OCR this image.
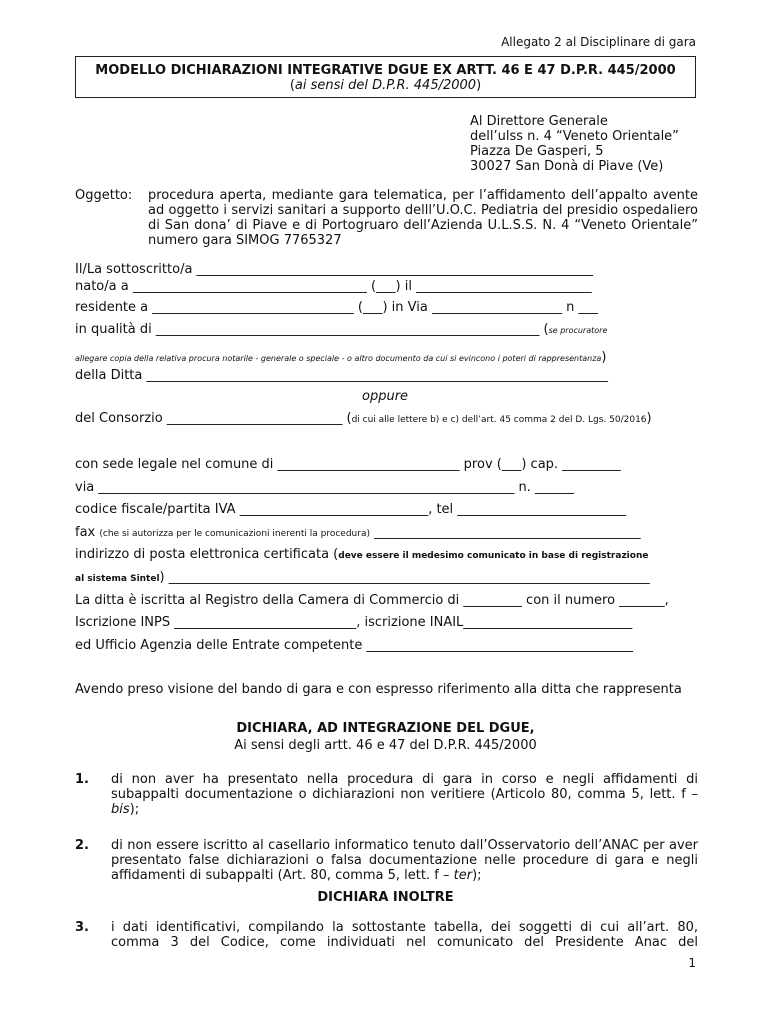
Allegato 2 al Disciplinare di gara
MODELLO DICHIARAZIONI INTEGRATIVE DGUE EX ARTT. 46 E 47 D.P.R. 445/2000
(ai sensi del D.P.R. 445/2000)
Al Direttore Generale
dell’ulss n. 4 “Veneto Orientale”
Piazza De Gasperi, 5
30027 San Donà di Piave (Ve)
Oggetto: procedura aperta, mediante gara telematica, per l’affidamento dell’appalto avente
ad oggetto i servizi sanitari a supporto delll’U.O.C. Pediatria del presidio ospedaliero
di San dona’ di Piave e di Portogruaro dell’Azienda U.L.S.S. N. 4 “Veneto Orientale”
numero gara SIMOG 7765327
Il/La sottoscritto/a _____________________________________________________________
nato/a a ____________________________________ (___) il ___________________________
residente a _______________________________ (___) in Via ____________________ n ___
in qualità di ___________________________________________________________ (se procuratore
allegare copia della relativa procura notarile - generale o speciale - o altro documento da cui si evincono i poteri di rappresentanza)
della Ditta _______________________________________________________________________
oppure
del Consorzio ___________________________ (di cui alle lettere b) e c) dell’art. 45 comma 2 del D. Lgs. 50/2016)
con sede legale nel comune di ____________________________ prov (___) cap. _________
via ________________________________________________________________ n. ______
codice fiscale/partita IVA _____________________________, tel __________________________
fax (che si autorizza per le comunicazioni inerenti la procedura) _________________________________________
indirizzo di posta elettronica certificata (deve essere il medesimo comunicato in base di registrazione
al sistema Sintel) __________________________________________________________________________
La ditta è iscritta al Registro della Camera di Commercio di _________ con il numero _______,
Iscrizione INPS ____________________________, iscrizione INAIL__________________________
ed Ufficio Agenzia delle Entrate competente _________________________________________
Avendo preso visione del bando di gara e con espresso riferimento alla ditta che rappresenta
DICHIARA, AD INTEGRAZIONE DEL DGUE,
Ai sensi degli artt. 46 e 47 del D.P.R. 445/2000
1. di non aver ha presentato nella procedura di gara in corso e negli affidamenti di
subappalti documentazione o dichiarazioni non veritiere (Articolo 80, comma 5, lett. f –
bis);
2. di non essere iscritto al casellario informatico tenuto dall’Osservatorio dell’ANAC per aver
presentato false dichiarazioni o falsa documentazione nelle procedure di gara e negli
affidamenti di subappalti (Art. 80, comma 5, lett. f – ter);
DICHIARA INOLTRE
3. i dati identificativi, compilando la sottostante tabella, dei soggetti di cui all’art. 80,
comma 3 del Codice, come individuati nel comunicato del Presidente Anac del
1
